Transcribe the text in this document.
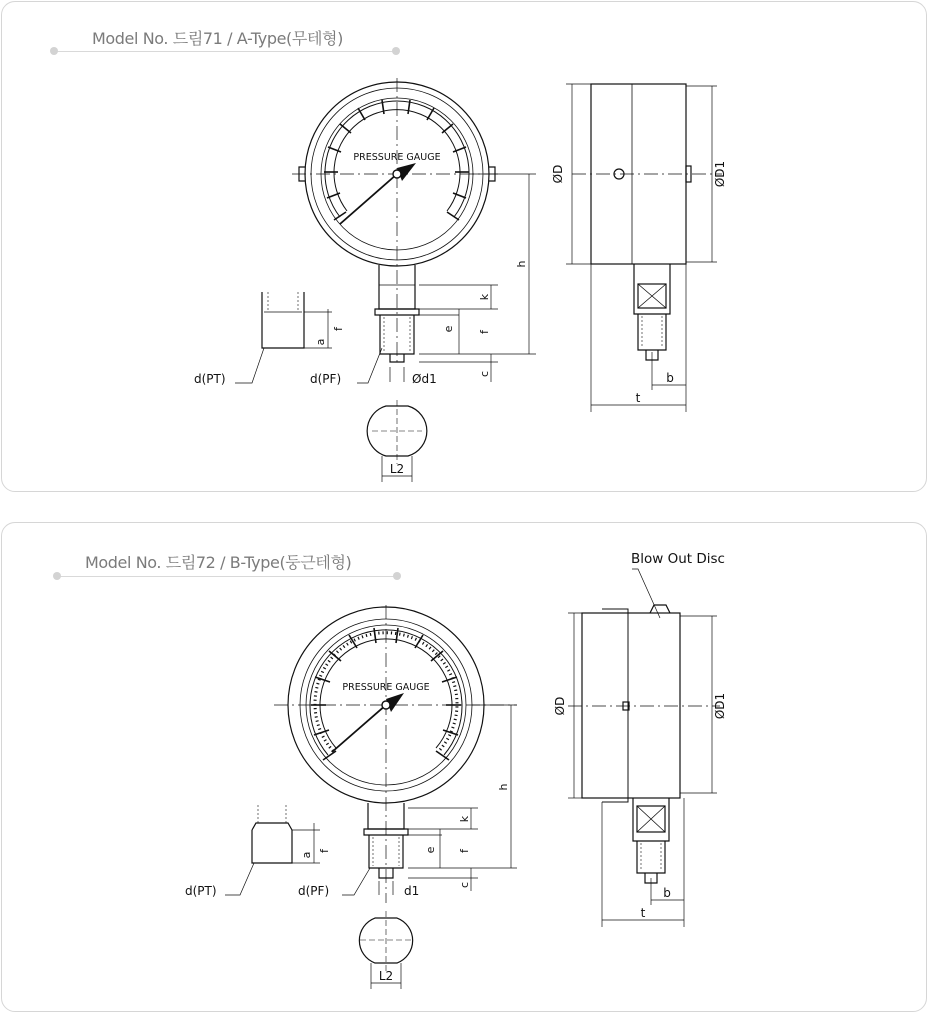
Model No. 드림71 / A-Type(무테형)
PRESSURE GAUGE
h
k
e f
c
a
f
Ød1
L2
d(PT)	d(PF)
ØD	ØD1
b
t
Model No. 드림72 / B-Type(둥근테형)
PRESSURE GAUGE
Blow Out Disc
h
k
e f
c
a
f
d1
L2
d(PT)	d(PF)
ØD	ØD1
b
t
